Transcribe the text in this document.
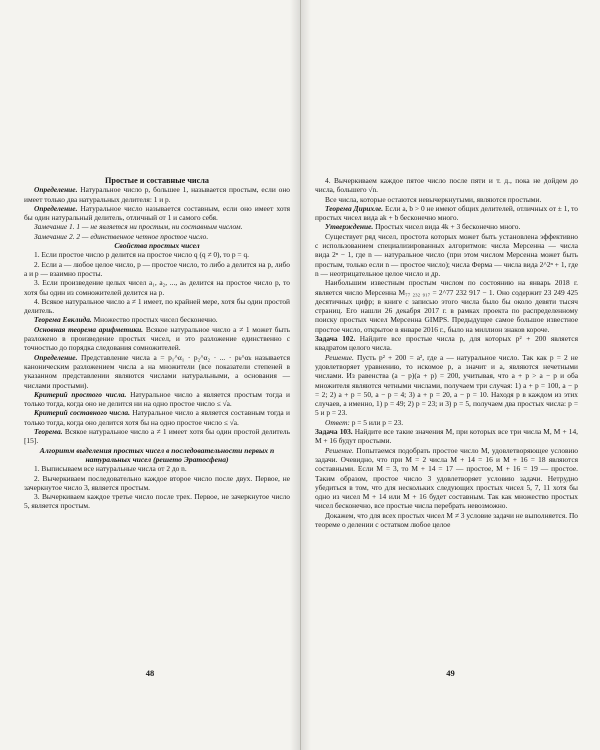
Простые и составные числа

Определение. Натуральное число p, большее 1, называется простым, если оно имеет только два натуральных делителя: 1 и p.

Определение. Натуральное число называется составным, если оно имеет хотя бы один натуральный делитель, отличный от 1 и самого себя.

Замечание 1. 1 — не является ни простым, ни составным числом.

Замечание 2. 2 — единственное четное простое число.

Свойства простых чисел

1. Если простое число p делится на простое число q (q ≠ 0), то p = q.

2. Если a — любое целое число, p — простое число, то либо a делится на p, либо a и p — взаимно просты.

3. Если произведение целых чисел a₁, a₂, ..., aₙ делится на простое число p, то хотя бы один из сомножителей делится на p.

4. Всякое натуральное число a ≠ 1 имеет, по крайней мере, хотя бы один простой делитель.

Теорема Евклида. Множество простых чисел бесконечно.

Основная теорема арифметики. Всякое натуральное число a ≠ 1 может быть разложено в произведение простых чисел, и это разложение единственно с точностью до порядка следования сомножителей.

Определение. Представление числа a = p₁^α₁ · p₂^α₂ · ... · pₖ^αₖ называется каноническим разложением числа a на множители (все показатели степеней в указанном представлении являются числами натуральными, а основания — числами простыми).

Критерий простого числа. Натуральное число a является простым тогда и только тогда, когда оно не делится ни на одно простое число ≤ √a.

Критерий составного числа. Натуральное число a является составным тогда и только тогда, когда оно делится хотя бы на одно простое число ≤ √a.

Теорема. Всякое натуральное число a ≠ 1 имеет хотя бы один простой делитель [15].

Алгоритм выделения простых чисел в последовательности первых n натуральных чисел (решето Эратосфена)

1. Выписываем все натуральные числа от 2 до n.

2. Вычеркиваем последовательно каждое второе число после двух. Первое, не зачеркнутое число 3, является простым.

3. Вычеркиваем каждое третье число после трех. Первое, не зачеркнутое число 5, является простым.

48

4. Вычеркиваем каждое пятое число после пяти и т. д., пока не дойдем до числа, большего √n.

Все числа, которые остаются невычеркнутыми, являются простыми.

Теорема Дирихле. Если a, b > 0 не имеют общих делителей, отличных от ± 1, то простых чисел вида ak + b бесконечно много.

Утверждение. Простых чисел вида 4k + 3 бесконечно много.

Существует ряд чисел, простота которых может быть установлена эффективно с использованием специализированных алгоритмов: числа Мерсенна — числа вида 2ⁿ − 1, где n — натуральное число (при этом числом Мерсенна может быть простым, только если n — простое число); числа Ферма — числа вида 2^2ⁿ + 1, где n — неотрицательное целое число и др.

Наибольшим известным простым числом по состоянию на январь 2018 г. является число Мерсенна M₇₇ ₂₃₂ ₉₁₇ = 2^77 232 917 − 1. Оно содержит 23 249 425 десятичных цифр; в книге с записью этого числа было бы около девяти тысяч страниц. Его нашли 26 декабря 2017 г. в рамках проекта по распределенному поиску простых чисел Мерсенна GIMPS. Предыдущее самое большое известное простое число, открытое в январе 2016 г., было на миллион знаков короче.

Задача 102. Найдите все простые числа p, для которых p² + 200 является квадратом целого числа.

Решение. Пусть p² + 200 = a², где a — натуральное число. Так как p = 2 не удовлетворяет уравнению, то искомое p, а значит и a, являются нечетными числами. Из равенства (a − p)(a + p) = 200, учитывая, что a + p > a − p и оба множителя являются четными числами, получаем три случая: 1) a + p = 100, a − p = 2; 2) a + p = 50, a − p = 4; 3) a + p = 20, a − p = 10. Находя p в каждом из этих случаев, а именно, 1) p = 49; 2) p = 23; и 3) p = 5, получаем два простых числа: p = 5 и p = 23.

Ответ: p = 5 или p = 23.

Задача 103. Найдите все такие значения M, при которых все три числа M, M + 14, M + 16 будут простыми.

Решение. Попытаемся подобрать простое число M, удовлетворяющее условию задачи. Очевидно, что при M = 2 числа M + 14 = 16 и M + 16 = 18 являются составными. Если M = 3, то M + 14 = 17 — простое, M + 16 = 19 — простое. Таким образом, простое число 3 удовлетворяет условию задачи. Нетрудно убедиться в том, что для нескольких следующих простых чисел 5, 7, 11 хотя бы одно из чисел M + 14 или M + 16 будет составным. Так как множество простых чисел бесконечно, все простые числа перебрать невозможно.

Докажем, что для всех простых чисел M ≠ 3 условие задачи не выполняется. По теореме о делении с остатком любое целое

49
